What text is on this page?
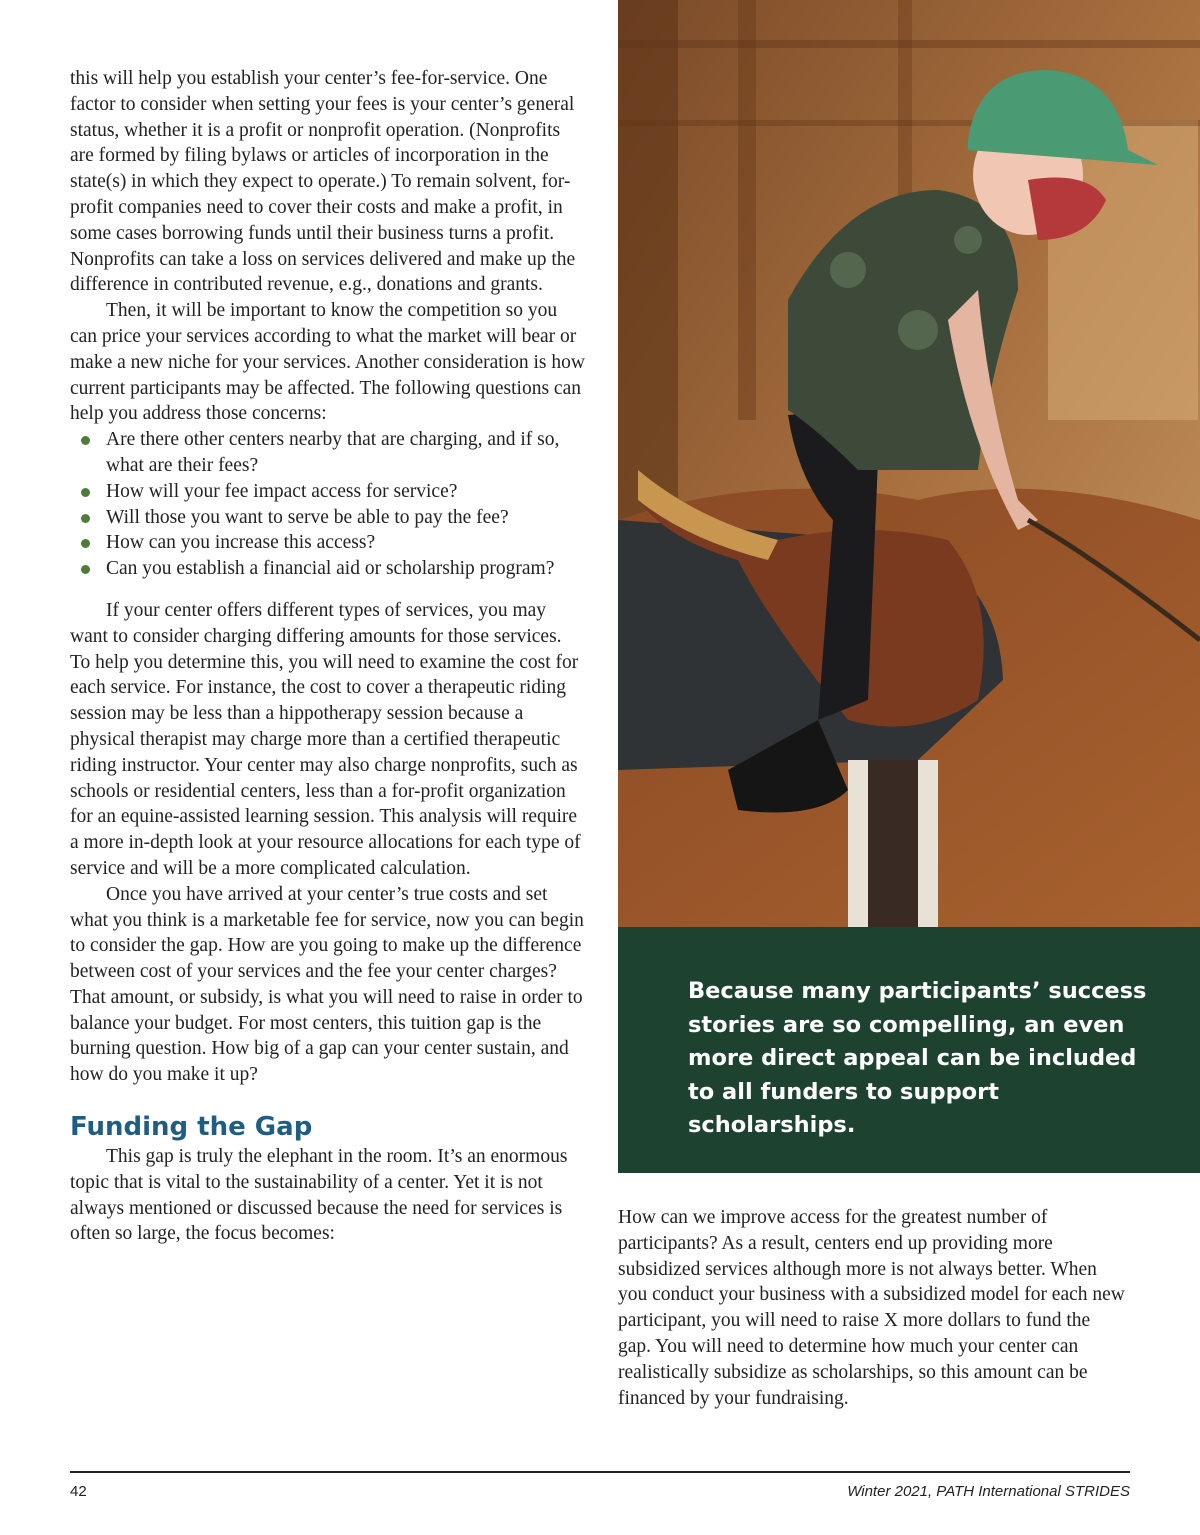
this will help you establish your center’s fee-for-service. One factor to consider when setting your fees is your center’s general status, whether it is a profit or nonprofit operation. (Nonprofits are formed by filing bylaws or articles of incorporation in the state(s) in which they expect to operate.) To remain solvent, for-profit companies need to cover their costs and make a profit, in some cases borrowing funds until their business turns a profit. Nonprofits can take a loss on services delivered and make up the difference in contributed revenue, e.g., donations and grants.

Then, it will be important to know the competition so you can price your services according to what the market will bear or make a new niche for your services. Another consideration is how current participants may be affected. The following questions can help you address those concerns:

Are there other centers nearby that are charging, and if so, what are their fees?
How will your fee impact access for service?
Will those you want to serve be able to pay the fee?
How can you increase this access?
Can you establish a financial aid or scholarship program?

If your center offers different types of services, you may want to consider charging differing amounts for those services. To help you determine this, you will need to examine the cost for each service. For instance, the cost to cover a therapeutic riding session may be less than a hippotherapy session because a physical therapist may charge more than a certified therapeutic riding instructor. Your center may also charge nonprofits, such as schools or residential centers, less than a for-profit organization for an equine-assisted learning session. This analysis will require a more in-depth look at your resource allocations for each type of service and will be a more complicated calculation.

Once you have arrived at your center’s true costs and set what you think is a marketable fee for service, now you can begin to consider the gap. How are you going to make up the difference between cost of your services and the fee your center charges? That amount, or subsidy, is what you will need to raise in order to balance your budget. For most centers, this tuition gap is the burning question. How big of a gap can your center sustain, and how do you make it up?

Funding the Gap

This gap is truly the elephant in the room. It’s an enormous topic that is vital to the sustainability of a center. Yet it is not always mentioned or discussed because the need for services is often so large, the focus becomes:

Because many participants’ success stories are so compelling, an even more direct appeal can be included to all funders to support scholarships.

How can we improve access for the greatest number of participants? As a result, centers end up providing more subsidized services although more is not always better. When you conduct your business with a subsidized model for each new participant, you will need to raise X more dollars to fund the gap. You will need to determine how much your center can realistically subsidize as scholarships, so this amount can be financed by your fundraising.

42	Winter 2021, PATH International STRIDES
